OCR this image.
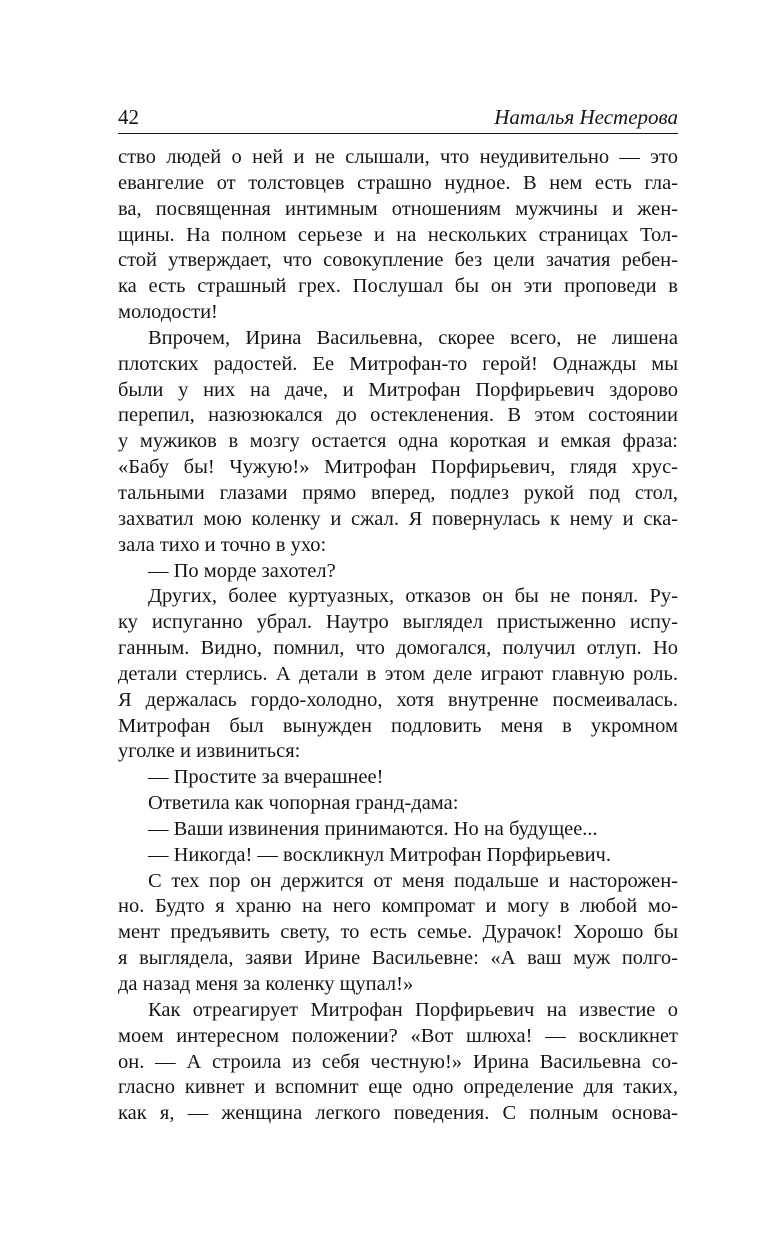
42	Наталья Нестерова
ство людей о ней и не слышали, что неудивительно — это
евангелие от толстовцев страшно нудное. В нем есть гла-
ва, посвященная интимным отношениям мужчины и жен-
щины. На полном серьезе и на нескольких страницах Тол-
стой утверждает, что совокупление без цели зачатия ребен-
ка есть страшный грех. Послушал бы он эти проповеди в
молодости!
Впрочем, Ирина Васильевна, скорее всего, не лишена
плотских радостей. Ее Митрофан-то герой! Однажды мы
были у них на даче, и Митрофан Порфирьевич здорово
перепил, назюзюкался до остекленения. В этом состоянии
у мужиков в мозгу остается одна короткая и емкая фраза:
«Бабу бы! Чужую!» Митрофан Порфирьевич, глядя хрус-
тальными глазами прямо вперед, подлез рукой под стол,
захватил мою коленку и сжал. Я повернулась к нему и ска-
зала тихо и точно в ухо:
— По морде захотел?
Других, более куртуазных, отказов он бы не понял. Ру-
ку испуганно убрал. Наутро выглядел пристыженно испу-
ганным. Видно, помнил, что домогался, получил отлуп. Но
детали стерлись. А детали в этом деле играют главную роль.
Я держалась гордо-холодно, хотя внутренне посмеивалась.
Митрофан был вынужден подловить меня в укромном
уголке и извиниться:
— Простите за вчерашнее!
Ответила как чопорная гранд-дама:
— Ваши извинения принимаются. Но на будущее...
— Никогда! — воскликнул Митрофан Порфирьевич.
С тех пор он держится от меня подальше и насторожен-
но. Будто я храню на него компромат и могу в любой мо-
мент предъявить свету, то есть семье. Дурачок! Хорошо бы
я выглядела, заяви Ирине Васильевне: «А ваш муж полго-
да назад меня за коленку щупал!»
Как отреагирует Митрофан Порфирьевич на известие о
моем интересном положении? «Вот шлюха! — воскликнет
он. — А строила из себя честную!» Ирина Васильевна со-
гласно кивнет и вспомнит еще одно определение для таких,
как я, — женщина легкого поведения. С полным основа-
